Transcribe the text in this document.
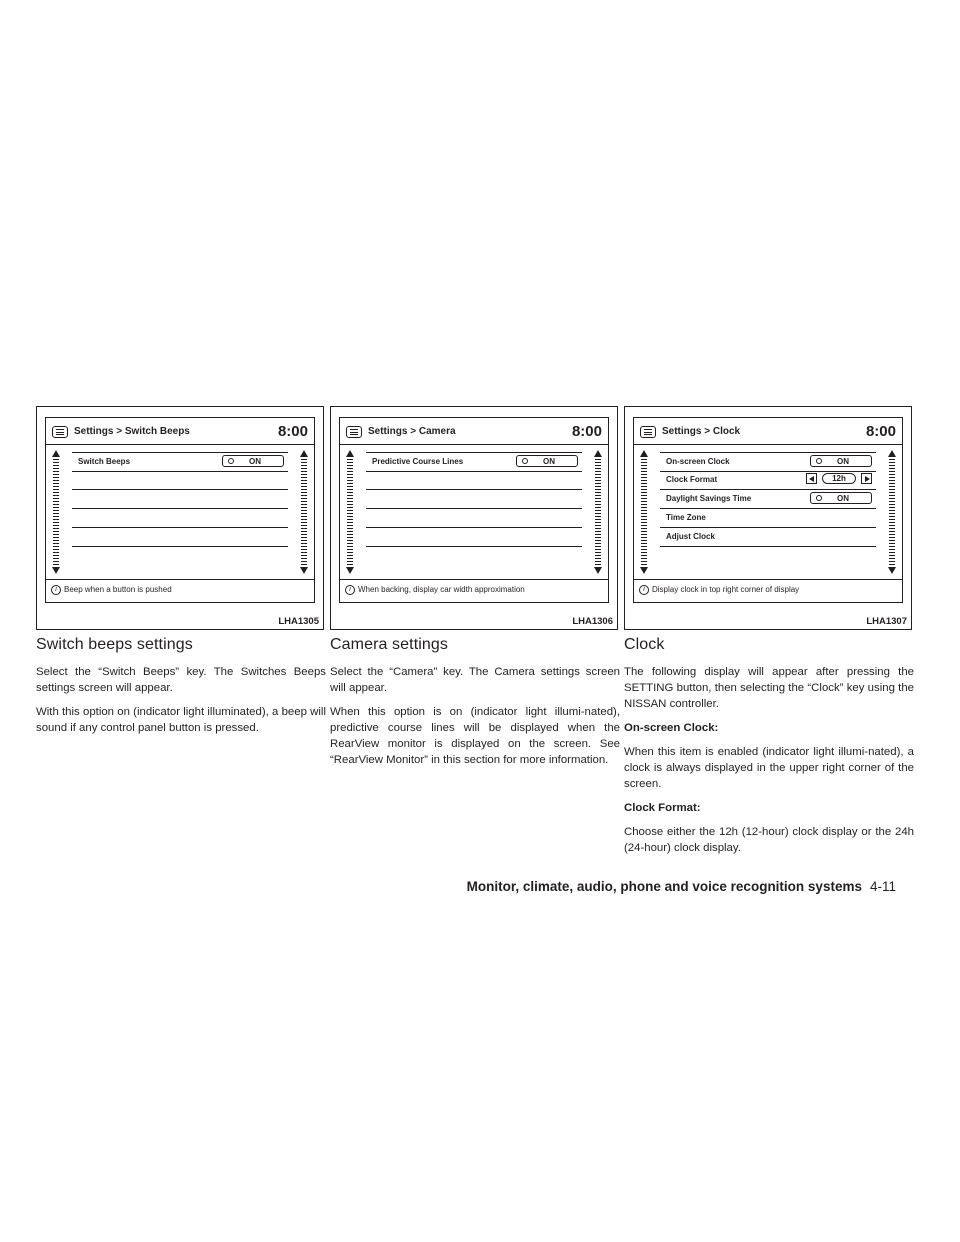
Settings > Switch Beeps	8:00
Switch Beeps	ON
i Beep when a button is pushed
LHA1305
Settings > Camera	8:00
Predictive Course Lines	ON
i When backing, display car width approximation
LHA1306
Settings > Clock	8:00
On-screen Clock	ON
Clock Format	12h
Daylight Savings Time	ON
Time Zone
Adjust Clock
i Display clock in top right corner of display
LHA1307
Switch beeps settings

Select the “Switch Beeps” key. The Switches Beeps settings screen will appear.

With this option on (indicator light illuminated), a beep will sound if any control panel button is pressed.

Camera settings

Select the “Camera” key. The Camera settings screen will appear.

When this option is on (indicator light illumi-nated), predictive course lines will be displayed when the RearView monitor is displayed on the screen. See “RearView Monitor” in this section for more information.

Clock

The following display will appear after pressing the SETTING button, then selecting the “Clock” key using the NISSAN controller.

On-screen Clock:

When this item is enabled (indicator light illumi-nated), a clock is always displayed in the upper right corner of the screen.

Clock Format:

Choose either the 12h (12-hour) clock display or the 24h (24-hour) clock display.

Monitor, climate, audio, phone and voice recognition systems 4-11
